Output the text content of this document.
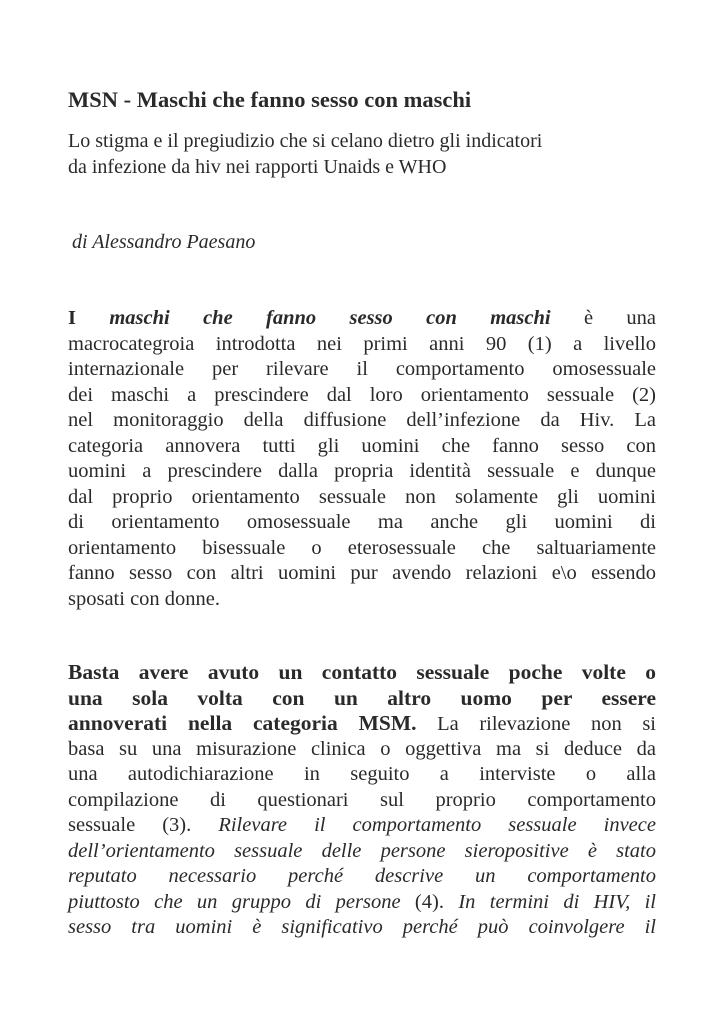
MSN - Maschi che fanno sesso con maschi

Lo stigma e il pregiudizio che si celano dietro gli indicatori
da infezione da hiv nei rapporti Unaids e WHO

di Alessandro Paesano

I maschi che fanno sesso con maschi è una
macrocategroia introdotta nei primi anni 90 (1) a livello
internazionale per rilevare il comportamento omosessuale
dei maschi a prescindere dal loro orientamento sessuale (2)
nel monitoraggio della diffusione dell’infezione da Hiv. La
categoria annovera tutti gli uomini che fanno sesso con
uomini a prescindere dalla propria identità sessuale e dunque
dal proprio orientamento sessuale non solamente gli uomini
di orientamento omosessuale ma anche gli uomini di
orientamento bisessuale o eterosessuale che saltuariamente
fanno sesso con altri uomini pur avendo relazioni e\o essendo
sposati con donne.

Basta avere avuto un contatto sessuale poche volte o
una sola volta con un altro uomo per essere
annoverati nella categoria MSM. La rilevazione non si
basa su una misurazione clinica o oggettiva ma si deduce da
una autodichiarazione in seguito a interviste o alla
compilazione di questionari sul proprio comportamento
sessuale (3). Rilevare il comportamento sessuale invece
dell’orientamento sessuale delle persone sieropositive è stato
reputato necessario perché descrive un comportamento
piuttosto che un gruppo di persone (4). In termini di HIV, il
sesso tra uomini è significativo perché può coinvolgere il
